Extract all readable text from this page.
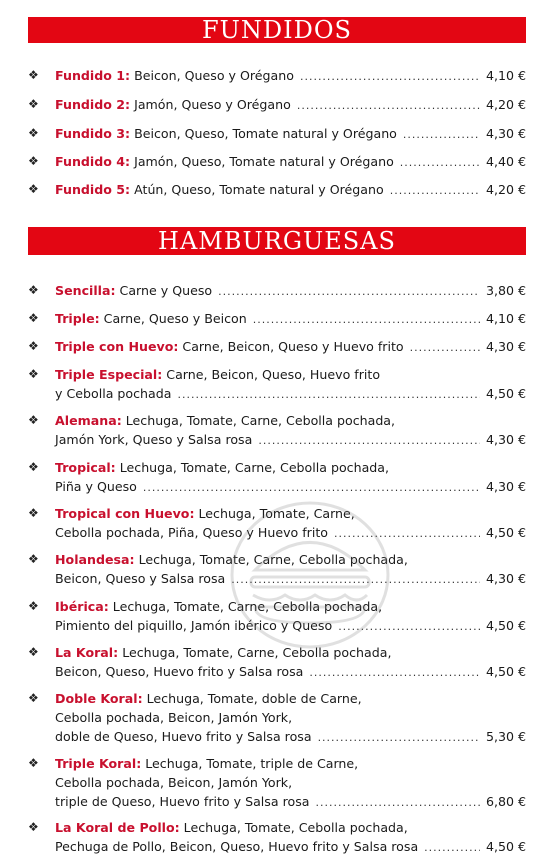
FUNDIDOS
❖ Fundido 1:
Beicon, Queso y Orégano .....	4,10 €
❖ Fundido 2:
Jamón, Queso y Orégano .....	4,20 €
❖ Fundido 3:
Beicon, Queso, Tomate natural y Orégano .....	4,30 €
❖ Fundido 4:
Jamón, Queso, Tomate natural y Orégano .....	4,40 €
❖ Fundido 5:
Atún, Queso, Tomate natural y Orégano .....	4,20 €
HAMBURGUESAS
❖ Sencilla:
Carne y Queso .....	3,80 €
❖ Triple:
Carne, Queso y Beicon .....	4,10 €
❖ Triple con Huevo:
Carne, Beicon, Queso y Huevo frito .....	4,30 €
❖ Triple Especial:
Carne, Beicon, Queso, Huevo frito
y Cebolla pochada .....	4,50 €
❖ Alemana:
Lechuga, Tomate, Carne, Cebolla pochada,
Jamón York, Queso y Salsa rosa .....	4,30 €
❖ Tropical:
Lechuga, Tomate, Carne, Cebolla pochada,
Piña y Queso .....	4,30 €
❖ Tropical con Huevo:
Lechuga, Tomate, Carne,
Cebolla pochada, Piña, Queso y Huevo frito .....	4,50 €
❖ Holandesa:
Lechuga, Tomate, Carne, Cebolla pochada,
Beicon, Queso y Salsa rosa .....	4,30 €
❖ Ibérica:
Lechuga, Tomate, Carne, Cebolla pochada,
Pimiento del piquillo, Jamón ibérico y Queso .....	4,50 €
❖ La Koral:
Lechuga, Tomate, Carne, Cebolla pochada,
Beicon, Queso, Huevo frito y Salsa rosa .....	4,50 €
❖ Doble Koral:
Lechuga, Tomate, doble de Carne,
Cebolla pochada, Beicon, Jamón York,
doble de Queso, Huevo frito y Salsa rosa .....	5,30 €
❖ Triple Koral:
Lechuga, Tomate, triple de Carne,
Cebolla pochada, Beicon, Jamón York,
triple de Queso, Huevo frito y Salsa rosa .....	6,80 €
❖ La Koral de Pollo:
Lechuga, Tomate, Cebolla pochada,
Pechuga de Pollo, Beicon, Queso, Huevo frito y Salsa rosa .....	4,50 €
